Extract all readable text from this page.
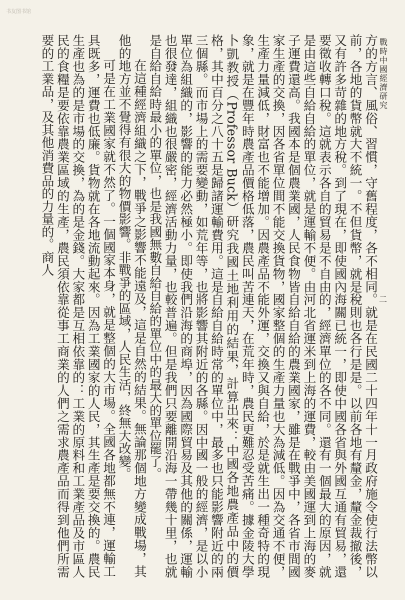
书友图书馆
戰時中國經濟研究
二

方的方言、風俗、習慣，守舊程度，各不相同。就是在民國二十四年十一月政府施令使行法幣以前，各地的貨幣就大不統一。不但貨幣，就是稅則也各行是是。以前各地有釐金，釐金裁撤後，又有許多苛雜的地方稅。到了現在，即使國內海關已統一，即使中國各省與外國互通有貿易，還要徵收轉口稅。這就表示各自的貿易是不自由的，經濟單位的各不同。還有一個最大的原因，就是由這些自給自給的單位，就是運輸不便。由河北省運米到上海的運費，較由美國運到上海的麥子運費還高。我國本是個農業國，人民食物皆自給自給的農業國家，雖是在戰爭中，各省市間國家生產的交換，因各省單位間不能交換貨物，國家整個的生產力量也大為減低。因為交通不便，生產力量減低，財富也不能增加。因農產品不能外運，交換又與自給，於是就生出一種奇特的現象，就是在豐年時農產品價格低落，農民叫苦連天，在荒年時，農民更難忍受苦痛。據金陵大學卜凱教授（Professor Buck）研究我國土地利用的結果，計算出來：中國各地農產品中的價格，其中百分之八十五是歸諸運輸費用。這是自給自給時常的單位中，最多也只能影響附近的兩三個縣。而市場上的需要變動，如荒年等，也將影響其附近的各縣。因中國一般的經濟，是以小單位為組織的，影響的能力必然極小。即使我們沿海的商埠，因為國際貿易及其他的關係，運輸也很發達，組織也很嚴密，經濟活動力量，也較普遍。但是我們只要離開沿海一帶幾十里，也就是自給自給時最小的單位，也是我國無數自給自給的單位中的最大的單位罷了。

在這種經濟組織之下，戰爭之影響不能遠及，這是自然的結果。無論那個地方變成戰場，其他的地方並不覺得有很大的物價影響。非戰爭的區域，人民生活，終無大改變。

可是在工業國家就不然了。一個國家本身，就是整個的大市場。全國各地都無不連，運輸工具既多，運費也低廉。貨物就在各地流動起來。因為工業國家的人民，其生產是要交換的。農民生產也為的是市場的交換，為的是金錢。大家都是互相依靠的：工業的原料和工業產品及市區人民的食糧是要依靠農業區域的生產，農民須依靠從事工商業的人們之需求農產品而得到他們所需要的工業品，及其他消費品的力量的。商人
